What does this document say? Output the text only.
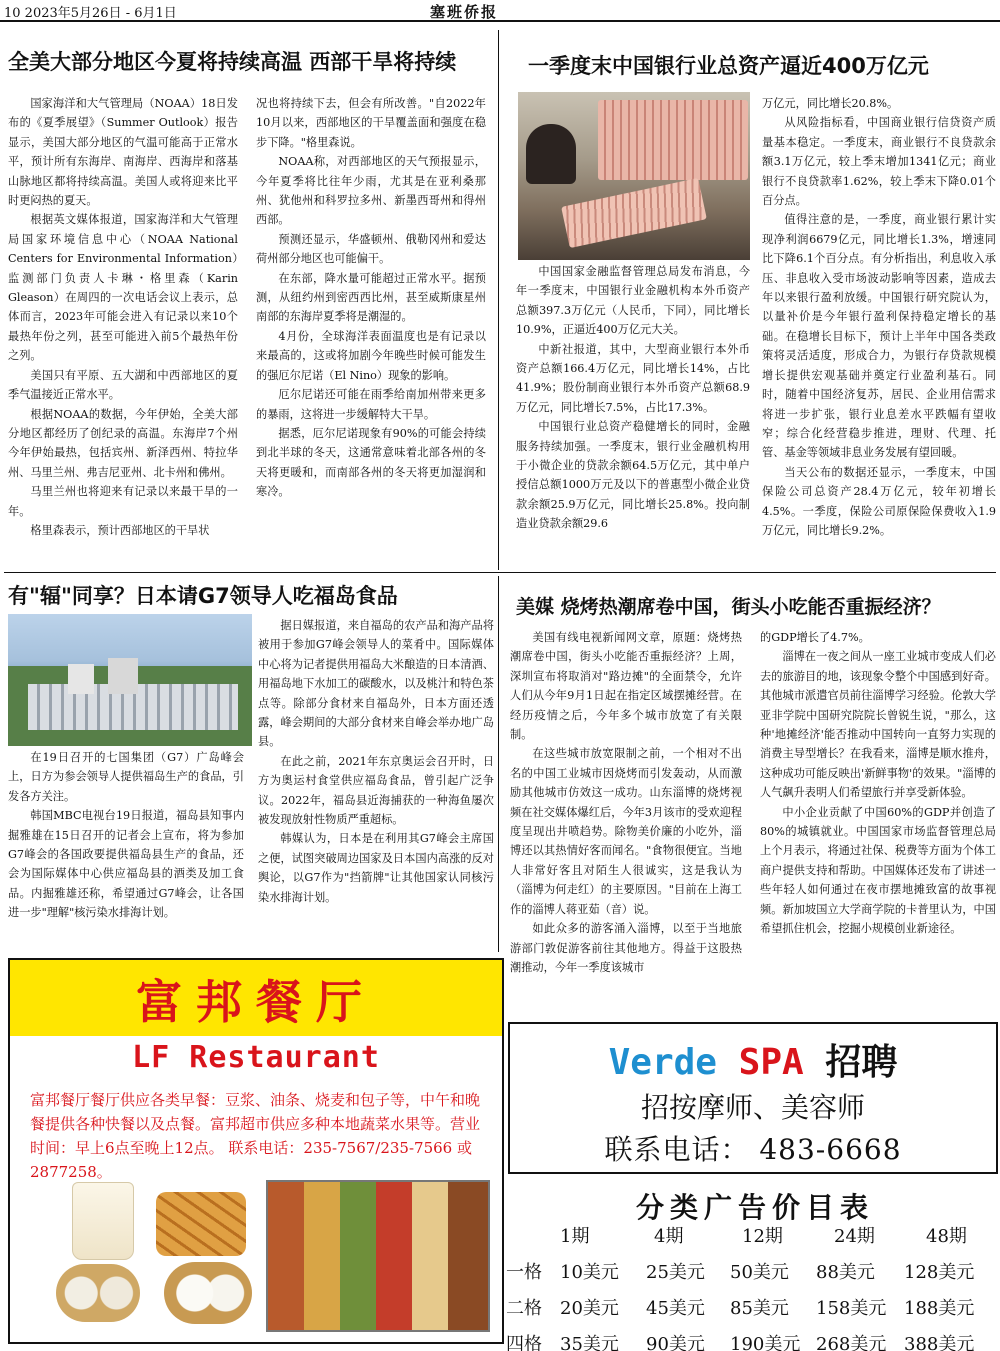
10 2023年5月26日 - 6月1日	塞班侨报
全美大部分地区今夏将持续高温 西部干旱将持续

国家海洋和大气管理局（NOAA）18日发布的《夏季展望》（Summer Outlook）报告显示，美国大部分地区的气温可能高于正常水平，预计所有东海岸、南海岸、西海岸和落基山脉地区都将持续高温。美国人或将迎来比平时更闷热的夏天。

根据英文媒体报道，国家海洋和大气管理局国家环境信息中心（NOAA National Centers for Environmental Information）监测部门负责人卡琳・格里森（Karin Gleason）在周四的一次电话会议上表示，总体而言，2023年可能会进入有记录以来10个最热年份之列，甚至可能进入前5个最热年份之列。

美国只有平原、五大湖和中西部地区的夏季气温接近正常水平。

根据NOAA的数据，今年伊始，全美大部分地区都经历了创纪录的高温。东海岸7个州今年伊始最热，包括宾州、新泽西州、特拉华州、马里兰州、弗吉尼亚州、北卡州和佛州。

马里兰州也将迎来有记录以来最干旱的一年。

格里森表示，预计西部地区的干旱状

况也将持续下去，但会有所改善。"自2022年10月以来，西部地区的干旱覆盖面和强度在稳步下降。"格里森说。

NOAA称，对西部地区的天气预报显示，今年夏季将比往年少雨，尤其是在亚利桑那州、犹他州和科罗拉多州、新墨西哥州和得州西部。

预测还显示，华盛顿州、俄勒冈州和爱达荷州部分地区也可能偏干。

在东部，降水量可能超过正常水平。据预测，从纽约州到密西西比州，甚至威斯康星州南部的东海岸夏季将是潮湿的。

4月份，全球海洋表面温度也是有记录以来最高的，这或将加剧今年晚些时候可能发生的强厄尔尼诺（El Nino）现象的影响。

厄尔尼诺还可能在雨季给南加州带来更多的暴雨，这将进一步缓解特大干旱。

据悉，厄尔尼诺现象有90%的可能会持续到北半球的冬天，这通常意味着北部各州的冬天将更暖和，而南部各州的冬天将更加湿润和寒冷。

一季度末中国银行业总资产逼近400万亿元

中国国家金融监督管理总局发布消息，今年一季度末，中国银行业金融机构本外币资产总额397.3万亿元（人民币，下同），同比增长10.9%，正逼近400万亿元大关。

中新社报道，其中，大型商业银行本外币资产总额166.4万亿元，同比增长14%，占比41.9%；股份制商业银行本外币资产总额68.9万亿元，同比增长7.5%，占比17.3%。

中国银行业总资产稳健增长的同时，金融服务持续加强。一季度末，银行业金融机构用于小微企业的贷款余额64.5万亿元，其中单户授信总额1000万元及以下的普惠型小微企业贷款余额25.9万亿元，同比增长25.8%。投向制造业贷款余额29.6

万亿元，同比增长20.8%。

从风险指标看，中国商业银行信贷资产质量基本稳定。一季度末，商业银行不良贷款余额3.1万亿元，较上季末增加1341亿元；商业银行不良贷款率1.62%，较上季末下降0.01个百分点。

值得注意的是，一季度，商业银行累计实现净利润6679亿元，同比增长1.3%，增速同比下降6.1个百分点。有分析指出，利息收入承压、非息收入受市场波动影响等因素，造成去年以来银行盈利放缓。中国银行研究院认为，以量补价是今年银行盈利保持稳定增长的基础。在稳增长目标下，预计上半年中国各类政策将灵活适度，形成合力，为银行存贷款规模增长提供宏观基础并奠定行业盈利基石。同时，随着中国经济复苏，居民、企业用信需求将进一步扩张，银行业息差水平跌幅有望收窄；综合化经营稳步推进，理财、代理、托管、基金等领域非息业务发展有望回暖。

当天公布的数据还显示，一季度末，中国保险公司总资产28.4万亿元，较年初增长4.5%。一季度，保险公司原保险保费收入1.9万亿元，同比增长9.2%。

有"辐"同享？日本请G7领导人吃福岛食品

在19日召开的七国集团（G7）广岛峰会上，日方为参会领导人提供福岛生产的食品，引发各方关注。

韩国MBC电视台19日报道，福岛县知事内掘雅雄在15日召开的记者会上宣布，将为参加G7峰会的各国政要提供福岛县生产的食品，还会为国际媒体中心供应福岛县的酒类及加工食品。内掘雅雄还称，希望通过G7峰会，让各国进一步"理解"核污染水排海计划。

据日媒报道，来自福岛的农产品和海产品将被用于参加G7峰会领导人的菜肴中。国际媒体中心将为记者提供用福岛大米酿造的日本清酒、用福岛地下水加工的碳酸水，以及桃汁和特色茶点等。除部分食材来自福岛外，日本方面还透露，峰会期间的大部分食材来自峰会举办地广岛县。

在此之前，2021年东京奥运会召开时，日方为奥运村食堂供应福岛食品，曾引起广泛争议。2022年，福岛县近海捕获的一种海鱼屡次被发现放射性物质严重超标。

韩媒认为，日本是在利用其G7峰会主席国之便，试图突破周边国家及日本国内高涨的反对舆论，以G7作为"挡箭牌"让其他国家认同核污染水排海计划。

美媒 烧烤热潮席卷中国，街头小吃能否重振经济？

美国有线电视新闻网文章，原题：烧烤热潮席卷中国，街头小吃能否重振经济？上周，深圳宣布将取消对"路边摊"的全面禁令，允许人们从今年9月1日起在指定区域摆摊经营。在经历疫情之后，今年多个城市放宽了有关限制。

在这些城市放宽限制之前，一个相对不出名的中国工业城市因烧烤而引发轰动，从而激励其他城市仿效这一成功。山东淄博的烧烤视频在社交媒体爆红后，今年3月该市的受欢迎程度呈现出井喷趋势。除物美价廉的小吃外，淄博还以其热情好客而闻名。"食物很便宜。当地人非常好客且对陌生人很诚实，这是我认为（淄博为何走红）的主要原因。"目前在上海工作的淄博人蒋亚茹（音）说。

如此众多的游客涌入淄博，以至于当地旅游部门敦促游客前往其他地方。得益于这股热潮推动，今年一季度该城市

的GDP增长了4.7%。

淄博在一夜之间从一座工业城市变成人们必去的旅游目的地，该现象令整个中国感到好奇。其他城市派遣官员前往淄博学习经验。伦敦大学亚非学院中国研究院院长曾锐生说，"那么，这种'地摊经济'能否推动中国转向一直努力实现的消费主导型增长？在我看来，淄博是顺水推舟，这种成功可能反映出'新鲜事物'的效果。"淄博的人气飙升表明人们希望旅行并享受新体验。

中小企业贡献了中国60%的GDP并创造了80%的城镇就业。中国国家市场监督管理总局上个月表示，将通过社保、税费等方面为个体工商户提供支持和帮助。中国媒体还发布了讲述一些年轻人如何通过在夜市摆地摊致富的故事视频。新加坡国立大学商学院的卡普里认为，中国希望抓住机会，挖掘小规模创业新途径。

富邦餐厅
LF Restaurant
富邦餐厅餐厅供应各类早餐：豆浆、油条、烧麦和包子等，中午和晚餐提供各种快餐以及点餐。富邦超市供应多种本地蔬菜水果等。营业时间：早上6点至晚上12点。 联系电话：235-7567/235-7566 或 2877258。
Verde SPA 招聘
招按摩师、美容师
联系电话： 483-6668
分类广告价目表
1期	4期	12期	24期	48期
一格 10美元 25美元 50美元 88美元 128美元
二格 20美元 45美元 85美元 158美元 188美元
四格 35美元 90美元 190美元 268美元 388美元
